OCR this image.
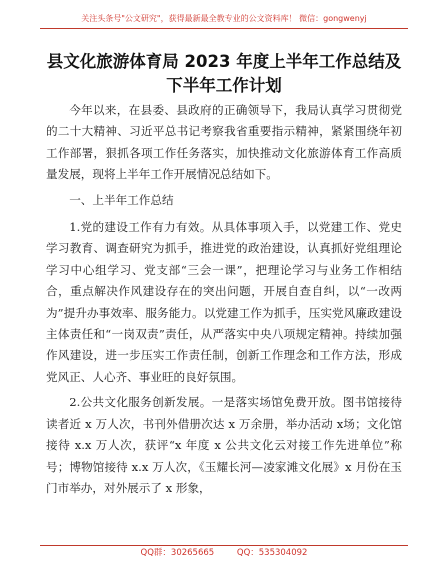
关注头条号"公文研究"，获得最新最全教专业的公文资料库！ 微信：gongwenyj
县文化旅游体育局 2023 年度上半年工作总结及
下半年工作计划

今年以来，在县委、县政府的正确领导下，我局认真学习贯彻党的二十大精神、习近平总书记考察我省重要指示精神，紧紧围绕年初工作部署，狠抓各项工作任务落实，加快推动文化旅游体育工作高质量发展，现将上半年工作开展情况总结如下。

一、上半年工作总结

1.党的建设工作有力有效。从具体事项入手，以党建工作、党史学习教育、调查研究为抓手，推进党的政治建设，认真抓好党组理论学习中心组学习、党支部“三会一课”，把理论学习与业务工作相结合，重点解决作风建设存在的突出问题，开展自查自纠，以“一改两为”提升办事效率、服务能力。以党建工作为抓手，压实党风廉政建设主体责任和“一岗双责”责任，从严落实中央八项规定精神。持续加强作风建设，进一步压实工作责任制，创新工作理念和工作方法，形成党风正、人心齐、事业旺的良好氛围。

2.公共文化服务创新发展。一是落实场馆免费开放。图书馆接待读者近 x 万人次，书刊外借册次达 x 万余册，举办活动 x场；文化馆接待 x.x 万人次，获评“x 年度 x 公共文化云对接工作先进单位”称号；博物馆接待 x.x 万人次，《玉耀长河—凌家滩文化展》x 月份在玉门市举办，对外展示了 x 形象，

QQ群：30265665	QQ：535304092
